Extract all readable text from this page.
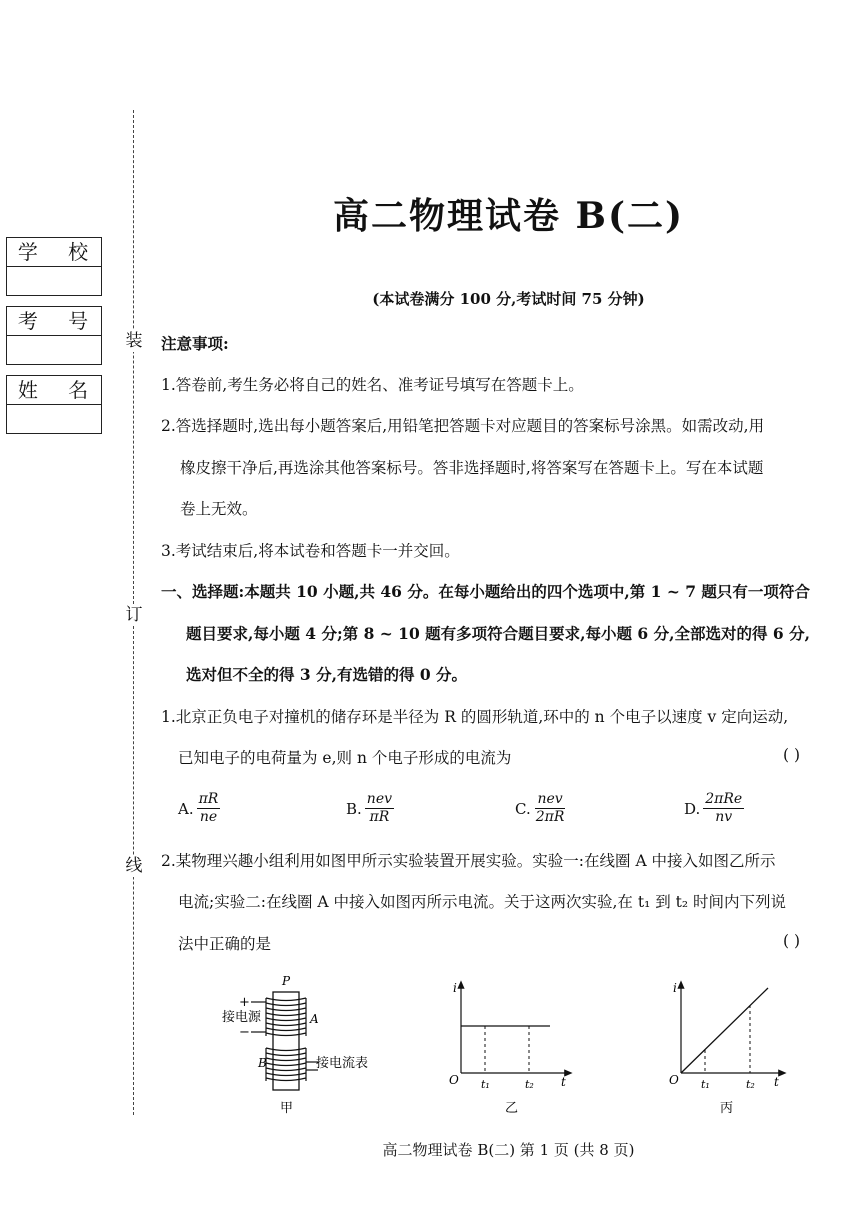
装
订
线
学 校
考 号
姓 名
高二物理试卷 B(二)
(本试卷满分 100 分,考试时间 75 分钟)
注意事项:
1.答卷前,考生务必将自己的姓名、准考证号填写在答题卡上。
2.答选择题时,选出每小题答案后,用铅笔把答题卡对应题目的答案标号涂黑。如需改动,用
橡皮擦干净后,再选涂其他答案标号。答非选择题时,将答案写在答题卡上。写在本试题
卷上无效。
3.考试结束后,将本试卷和答题卡一并交回。
一、选择题:本题共 10 小题,共 46 分。在每小题给出的四个选项中,第 1 ~ 7 题只有一项符合
题目要求,每小题 4 分;第 8 ~ 10 题有多项符合题目要求,每小题 6 分,全部选对的得 6 分,
选对但不全的得 3 分,有选错的得 0 分。
1.北京正负电子对撞机的储存环是半径为 R 的圆形轨道,环中的 n 个电子以速度 v 定向运动,
已知电子的电荷量为 e,则 n 个电子形成的电流为	( )
A. $\frac{\pi R}{ne}$	B. $\frac{\text{nev}}{\pi R}$	C. $\frac{\text{nev}}{2\pi R}$	D. $\frac{\text{2πRe}}{nv}$
2.某物理兴趣小组利用如图甲所示实验装置开展实验。实验一:在线圈 A 中接入如图乙所示
电流;实验二:在线圈 A 中接入如图丙所示电流。关于这两次实验,在 t₁ 到 t₂ 时间内下列说
法中正确的是	( )
P
+
−
接电源	A
B	接电流表
甲
i
O t₁	t₂ t
乙
i
O t₁	t₂ t
丙
高二物理试卷 B(二) 第 1 页 (共 8 页)
